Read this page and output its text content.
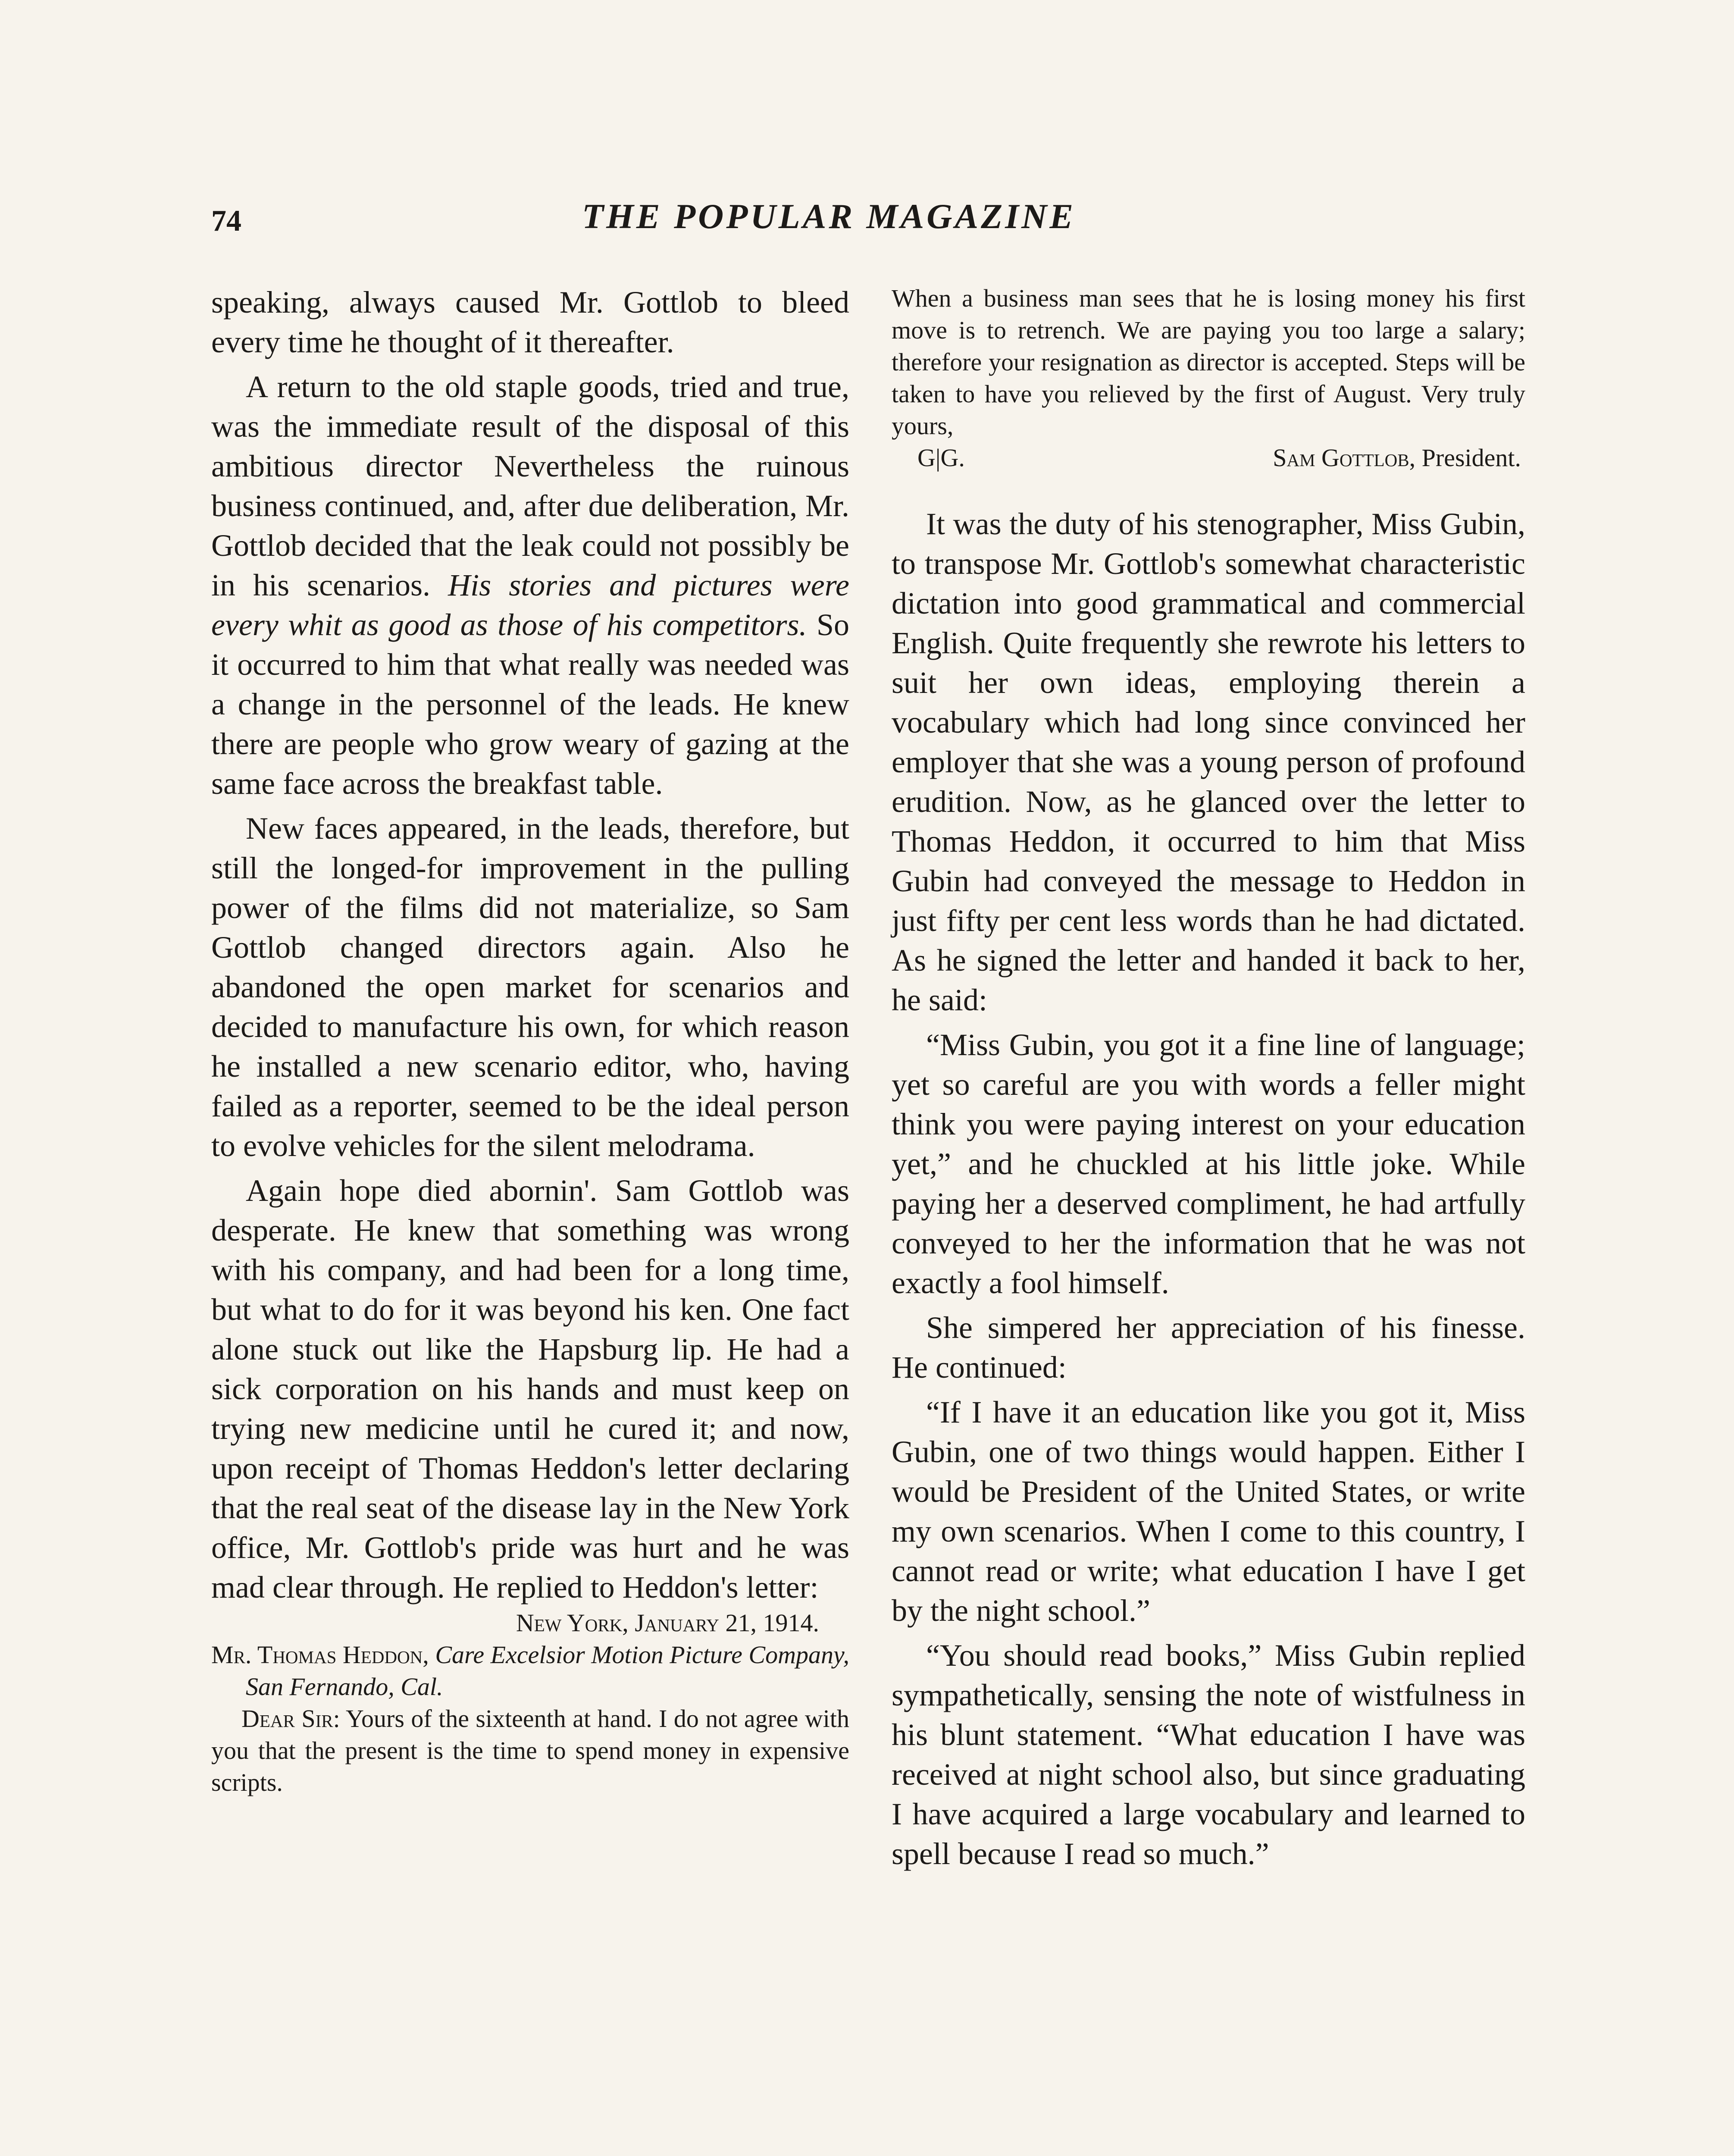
74	THE POPULAR MAGAZINE

speaking, always caused Mr. Gottlob to bleed every time he thought of it thereafter.

A return to the old staple goods, tried and true, was the immediate result of the disposal of this ambitious director Nevertheless the ruinous business continued, and, after due deliberation, Mr. Gottlob decided that the leak could not possibly be in his scenarios. His stories and pictures were every whit as good as those of his competitors. So it occurred to him that what really was needed was a change in the personnel of the leads. He knew there are people who grow weary of gazing at the same face across the breakfast table.

New faces appeared, in the leads, therefore, but still the longed-for improvement in the pulling power of the films did not materialize, so Sam Gottlob changed directors again. Also he abandoned the open market for scenarios and decided to manufacture his own, for which reason he installed a new scenario editor, who, having failed as a reporter, seemed to be the ideal person to evolve vehicles for the silent melodrama.

Again hope died abornin'. Sam Gottlob was desperate. He knew that something was wrong with his company, and had been for a long time, but what to do for it was beyond his ken. One fact alone stuck out like the Hapsburg lip. He had a sick corporation on his hands and must keep on trying new medicine until he cured it; and now, upon receipt of Thomas Heddon's letter declaring that the real seat of the disease lay in the New York office, Mr. Gottlob's pride was hurt and he was mad clear through. He replied to Heddon's letter:

New York, January 21, 1914.

Mr. Thomas Heddon, Care Excelsior Motion Picture Company, San Fernando, Cal.

Dear Sir: Yours of the sixteenth at hand. I do not agree with you that the present is the time to spend money in expensive scripts.

When a business man sees that he is losing money his first move is to retrench. We are paying you too large a salary; therefore your resignation as director is accepted. Steps will be taken to have you relieved by the first of August. Very truly yours,

G|G.	Sam Gottlob, President.

It was the duty of his stenographer, Miss Gubin, to transpose Mr. Gottlob's somewhat characteristic dictation into good grammatical and commercial English. Quite frequently she rewrote his letters to suit her own ideas, employing therein a vocabulary which had long since convinced her employer that she was a young person of profound erudition. Now, as he glanced over the letter to Thomas Heddon, it occurred to him that Miss Gubin had conveyed the message to Heddon in just fifty per cent less words than he had dictated. As he signed the letter and handed it back to her, he said:

“Miss Gubin, you got it a fine line of language; yet so careful are you with words a feller might think you were paying interest on your education yet,” and he chuckled at his little joke. While paying her a deserved compliment, he had artfully conveyed to her the information that he was not exactly a fool himself.

She simpered her appreciation of his finesse. He continued:

“If I have it an education like you got it, Miss Gubin, one of two things would happen. Either I would be President of the United States, or write my own scenarios. When I come to this country, I cannot read or write; what education I have I get by the night school.”

“You should read books,” Miss Gubin replied sympathetically, sensing the note of wistfulness in his blunt statement. “What education I have was received at night school also, but since graduating I have acquired a large vocabulary and learned to spell because I read so much.”
